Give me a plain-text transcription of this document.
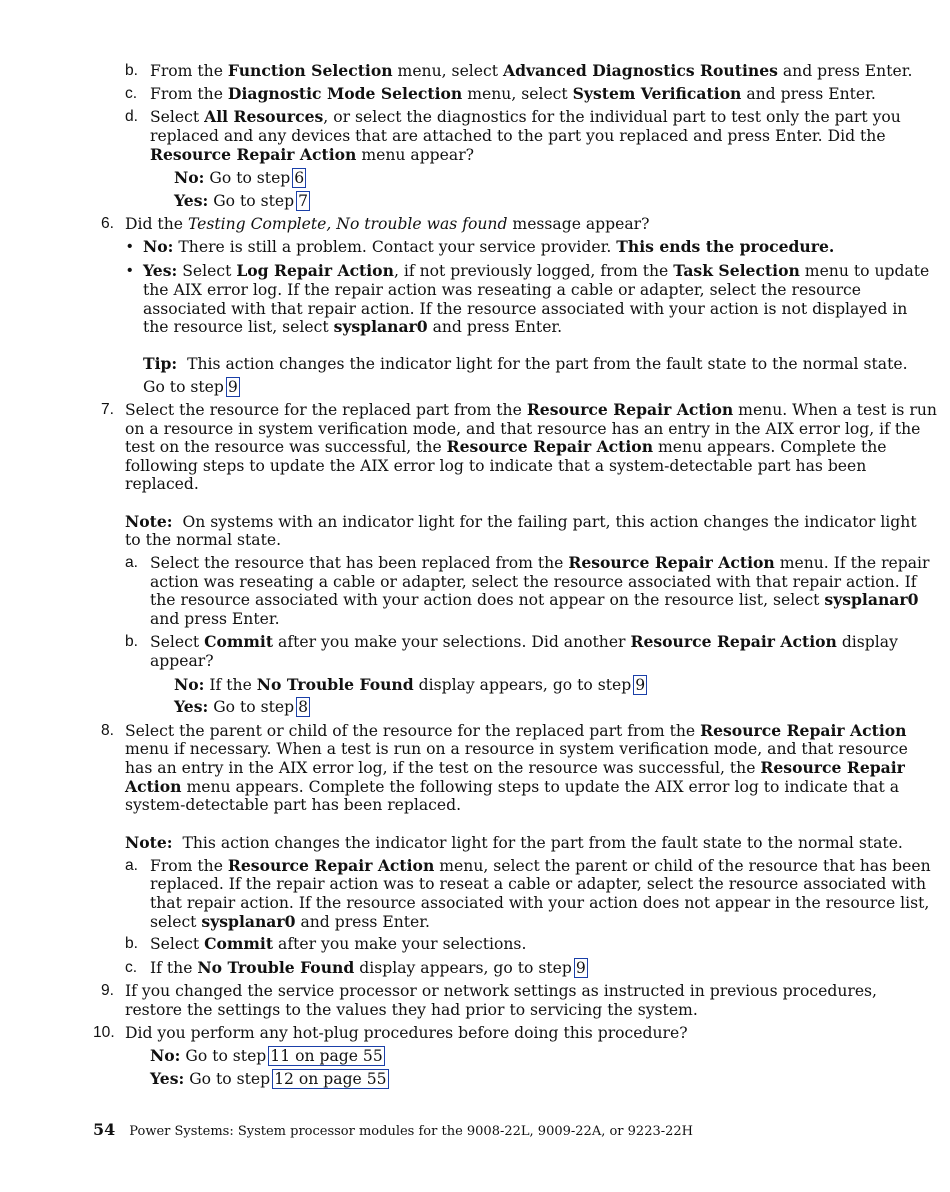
b. From the Function Selection menu, select Advanced Diagnostics Routines and press Enter.
c. From the Diagnostic Mode Selection menu, select System Verification and press Enter.
d. Select All Resources, or select the diagnostics for the individual part to test only the part you
replaced and any devices that are attached to the part you replaced and press Enter. Did the
Resource Repair Action menu appear?
No: Go to step 6
Yes: Go to step 7
6. Did the Testing Complete, No trouble was found message appear?
• No: There is still a problem. Contact your service provider. This ends the procedure.
• Yes: Select Log Repair Action, if not previously logged, from the Task Selection menu to update
the AIX error log. If the repair action was reseating a cable or adapter, select the resource
associated with that repair action. If the resource associated with your action is not displayed in
the resource list, select sysplanar0 and press Enter.
Tip: This action changes the indicator light for the part from the fault state to the normal state.
Go to step 9
7. Select the resource for the replaced part from the Resource Repair Action menu. When a test is run
on a resource in system verification mode, and that resource has an entry in the AIX error log, if the
test on the resource was successful, the Resource Repair Action menu appears. Complete the
following steps to update the AIX error log to indicate that a system-detectable part has been
replaced.
Note: On systems with an indicator light for the failing part, this action changes the indicator light
to the normal state.
a. Select the resource that has been replaced from the Resource Repair Action menu. If the repair
action was reseating a cable or adapter, select the resource associated with that repair action. If
the resource associated with your action does not appear on the resource list, select sysplanar0
and press Enter.
b. Select Commit after you make your selections. Did another Resource Repair Action display
appear?
No: If the No Trouble Found display appears, go to step 9
Yes: Go to step 8
8. Select the parent or child of the resource for the replaced part from the Resource Repair Action
menu if necessary. When a test is run on a resource in system verification mode, and that resource
has an entry in the AIX error log, if the test on the resource was successful, the Resource Repair
Action menu appears. Complete the following steps to update the AIX error log to indicate that a
system-detectable part has been replaced.
Note: This action changes the indicator light for the part from the fault state to the normal state.
a. From the Resource Repair Action menu, select the parent or child of the resource that has been
replaced. If the repair action was to reseat a cable or adapter, select the resource associated with
that repair action. If the resource associated with your action does not appear in the resource list,
select sysplanar0 and press Enter.
b. Select Commit after you make your selections.
c. If the No Trouble Found display appears, go to step 9
9. If you changed the service processor or network settings as instructed in previous procedures,
restore the settings to the values they had prior to servicing the system.
10. Did you perform any hot-plug procedures before doing this procedure?
No: Go to step 11 on page 55
Yes: Go to step 12 on page 55
54 Power Systems: System processor modules for the 9008-22L, 9009-22A, or 9223-22H
